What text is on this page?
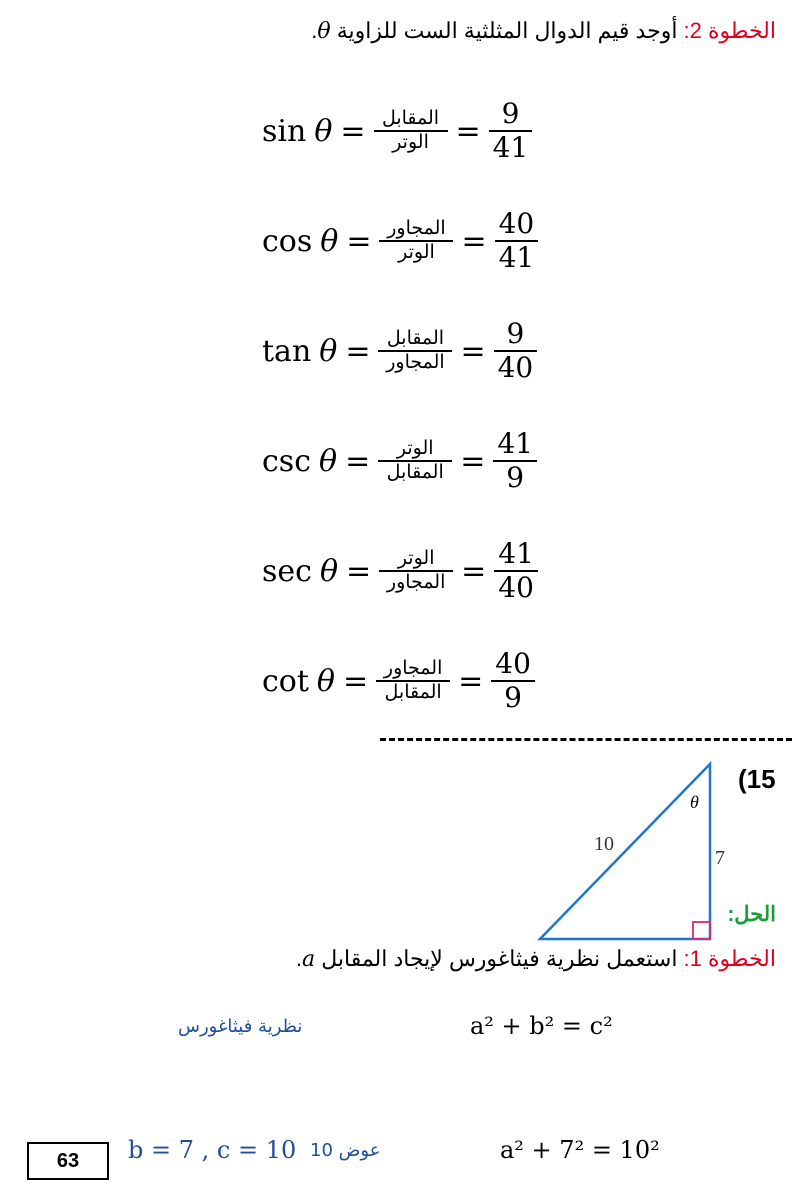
الخطوة 2: أوجد قيم الدوال المثلثية الست للزاوية θ.
$\sin \theta = \frac{\text{المقابل}}{\text{الوتر}} = \frac{9}{41}$
$\cos \theta = \frac{\text{المجاور}}{\text{الوتر}} = \frac{40}{41}$
$\tan \theta = \frac{\text{المقابل}}{\text{المجاور}} = \frac{9}{40}$
$\csc \theta = \frac{\text{الوتر}}{\text{المقابل}} = \frac{41}{9}$
$\sec \theta = \frac{\text{الوتر}}{\text{المجاور}} = \frac{41}{40}$
$\cot \theta = \frac{\text{المجاور}}{\text{المقابل}} = \frac{40}{9}$
(15
10
7
θ
الحل:
الخطوة 1: استعمل نظرية فيثاغورس لإيجاد المقابل a.
a² + b² = c²
نظرية فيثاغورس
a² + 7² = 10²
عوض 10
b = 7 , c = 10
63
